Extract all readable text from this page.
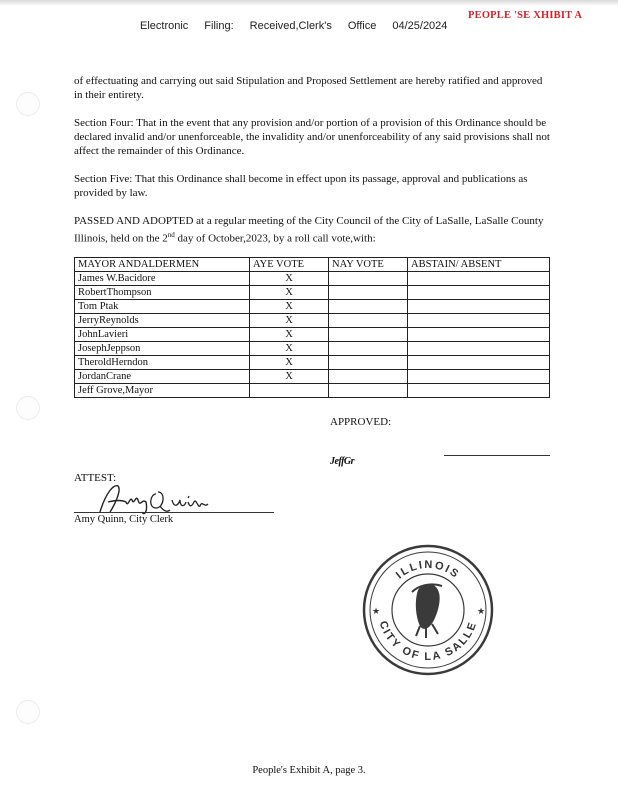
Electronic Filing: Received,Clerk's Office 04/25/2024
PEOPLE 'SE XHIBIT A
of effectuating and carrying out said Stipulation and Proposed Settlement are hereby ratified and approved in their entirety.
Section Four: That in the event that any provision and/or portion of a provision of this Ordinance should be declared invalid and/or unenforceable, the invalidity and/or unenforceability of any said provisions shall not affect the remainder of this Ordinance.
Section Five: That this Ordinance shall become in effect upon its passage, approval and publications as provided by law.
PASSED AND ADOPTED at a regular meeting of the City Council of the City of LaSalle, LaSalle County Illinois, held on the 2nd day of October,2023, by a roll call vote,with:
MAYOR ANDALDERMEN	AYE VOTE	NAY VOTE	ABSTAIN/ ABSENT
James W.Bacidore	X		
RobertThompson	X		
Tom Ptak	X		
JerryReynolds	X		
JohnLavieri	X		
JosephJeppson	X		
TheroldHerndon	X		
JordanCrane	X		
Jeff Grove,Mayor			
APPROVED:
JeffGr
ATTEST:
Amy Quinn, City Clerk
ILLINOIS
CITY OF LA SALLE
★	★
People's Exhibit A, page 3.
